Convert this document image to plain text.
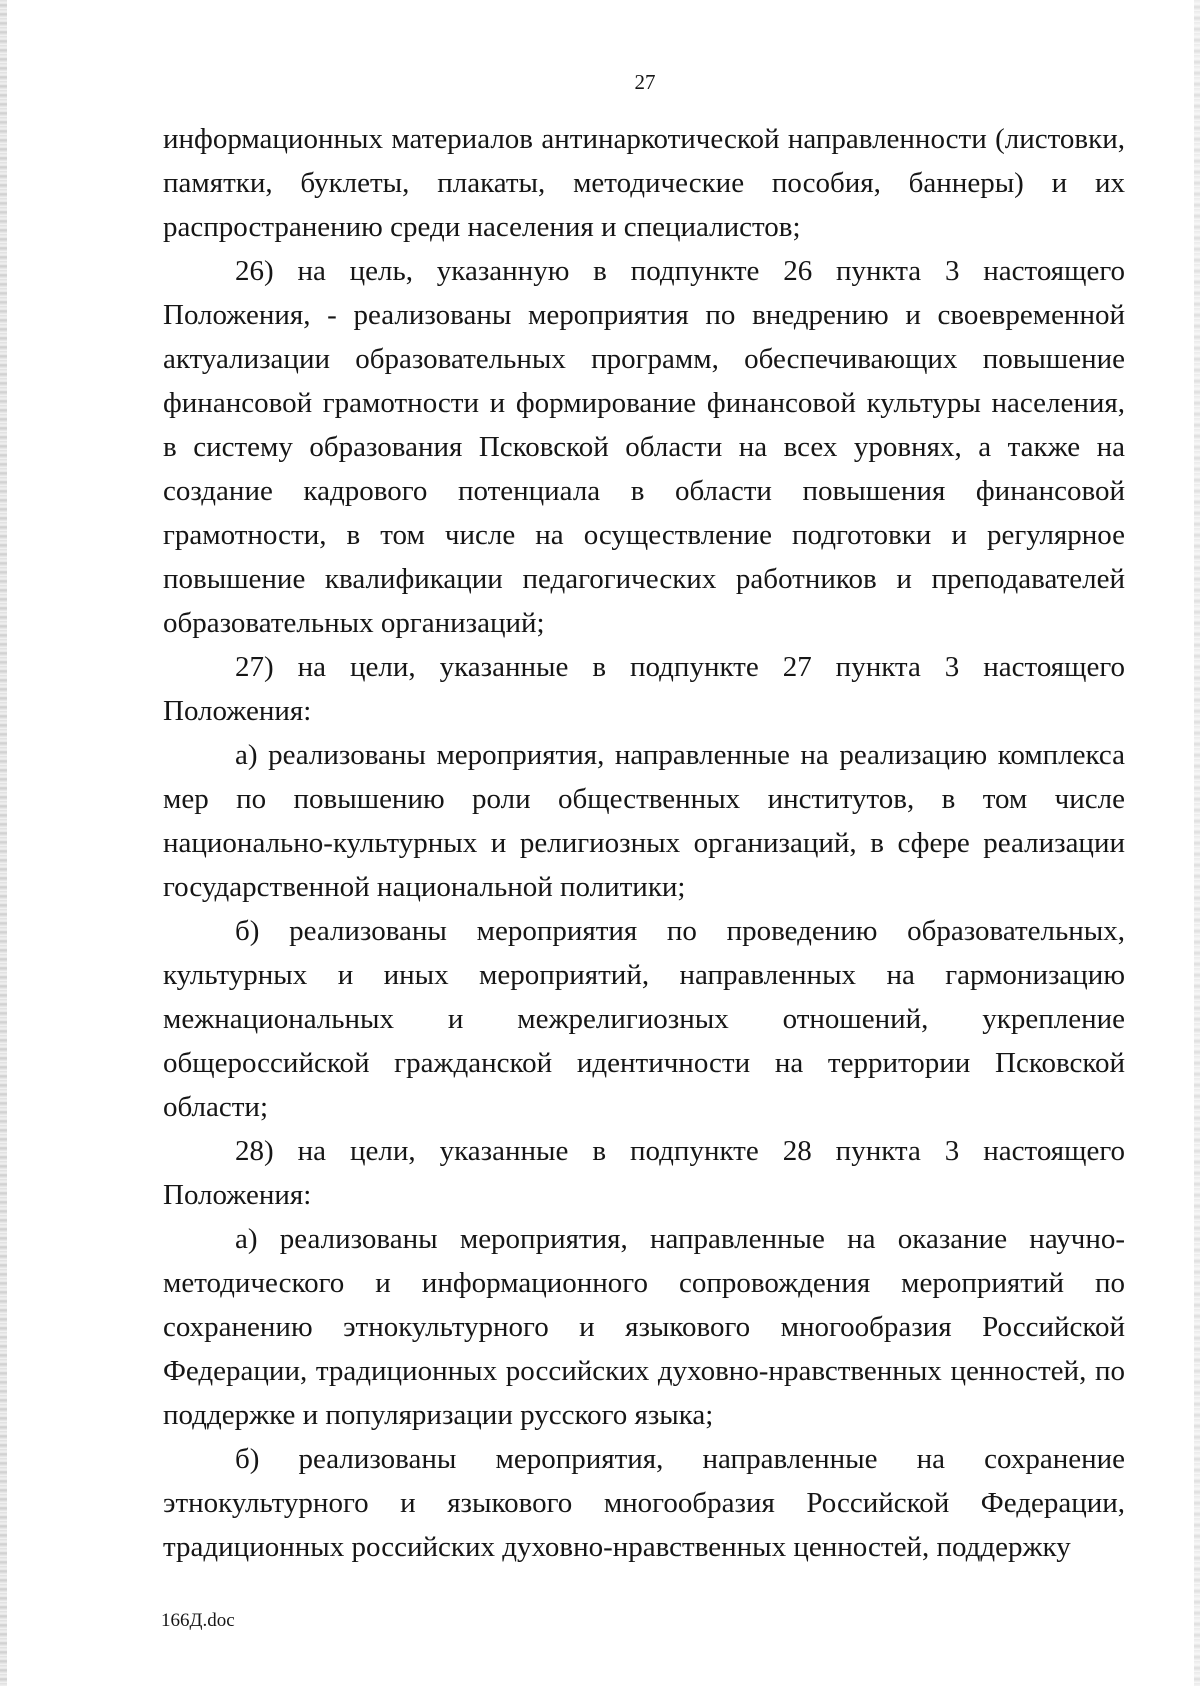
27

информационных материалов антинаркотической направленности (листовки, памятки, буклеты, плакаты, методические пособия, баннеры) и их распространению среди населения и специалистов;

26) на цель, указанную в подпункте 26 пункта 3 настоящего Положения, - реализованы мероприятия по внедрению и своевременной актуализации образовательных программ, обеспечивающих повышение финансовой грамотности и формирование финансовой культуры населения, в систему образования Псковской области на всех уровнях, а также на создание кадрового потенциала в области повышения финансовой грамотности, в том числе на осуществление подготовки и регулярное повышение квалификации педагогических работников и преподавателей образовательных организаций;

27) на цели, указанные в подпункте 27 пункта 3 настоящего Положения:

а) реализованы мероприятия, направленные на реализацию комплекса мер по повышению роли общественных институтов, в том числе национально-культурных и религиозных организаций, в сфере реализации государственной национальной политики;

б) реализованы мероприятия по проведению образовательных, культурных и иных мероприятий, направленных на гармонизацию межнациональных и межрелигиозных отношений, укрепление общероссийской гражданской идентичности на территории Псковской области;

28) на цели, указанные в подпункте 28 пункта 3 настоящего Положения:

а) реализованы мероприятия, направленные на оказание научно-методического и информационного сопровождения мероприятий по сохранению этнокультурного и языкового многообразия Российской Федерации, традиционных российских духовно-нравственных ценностей, по поддержке и популяризации русского языка;

б) реализованы мероприятия, направленные на сохранение этнокультурного и языкового многообразия Российской Федерации, традиционных российских духовно-нравственных ценностей, поддержку

166Д.doc
